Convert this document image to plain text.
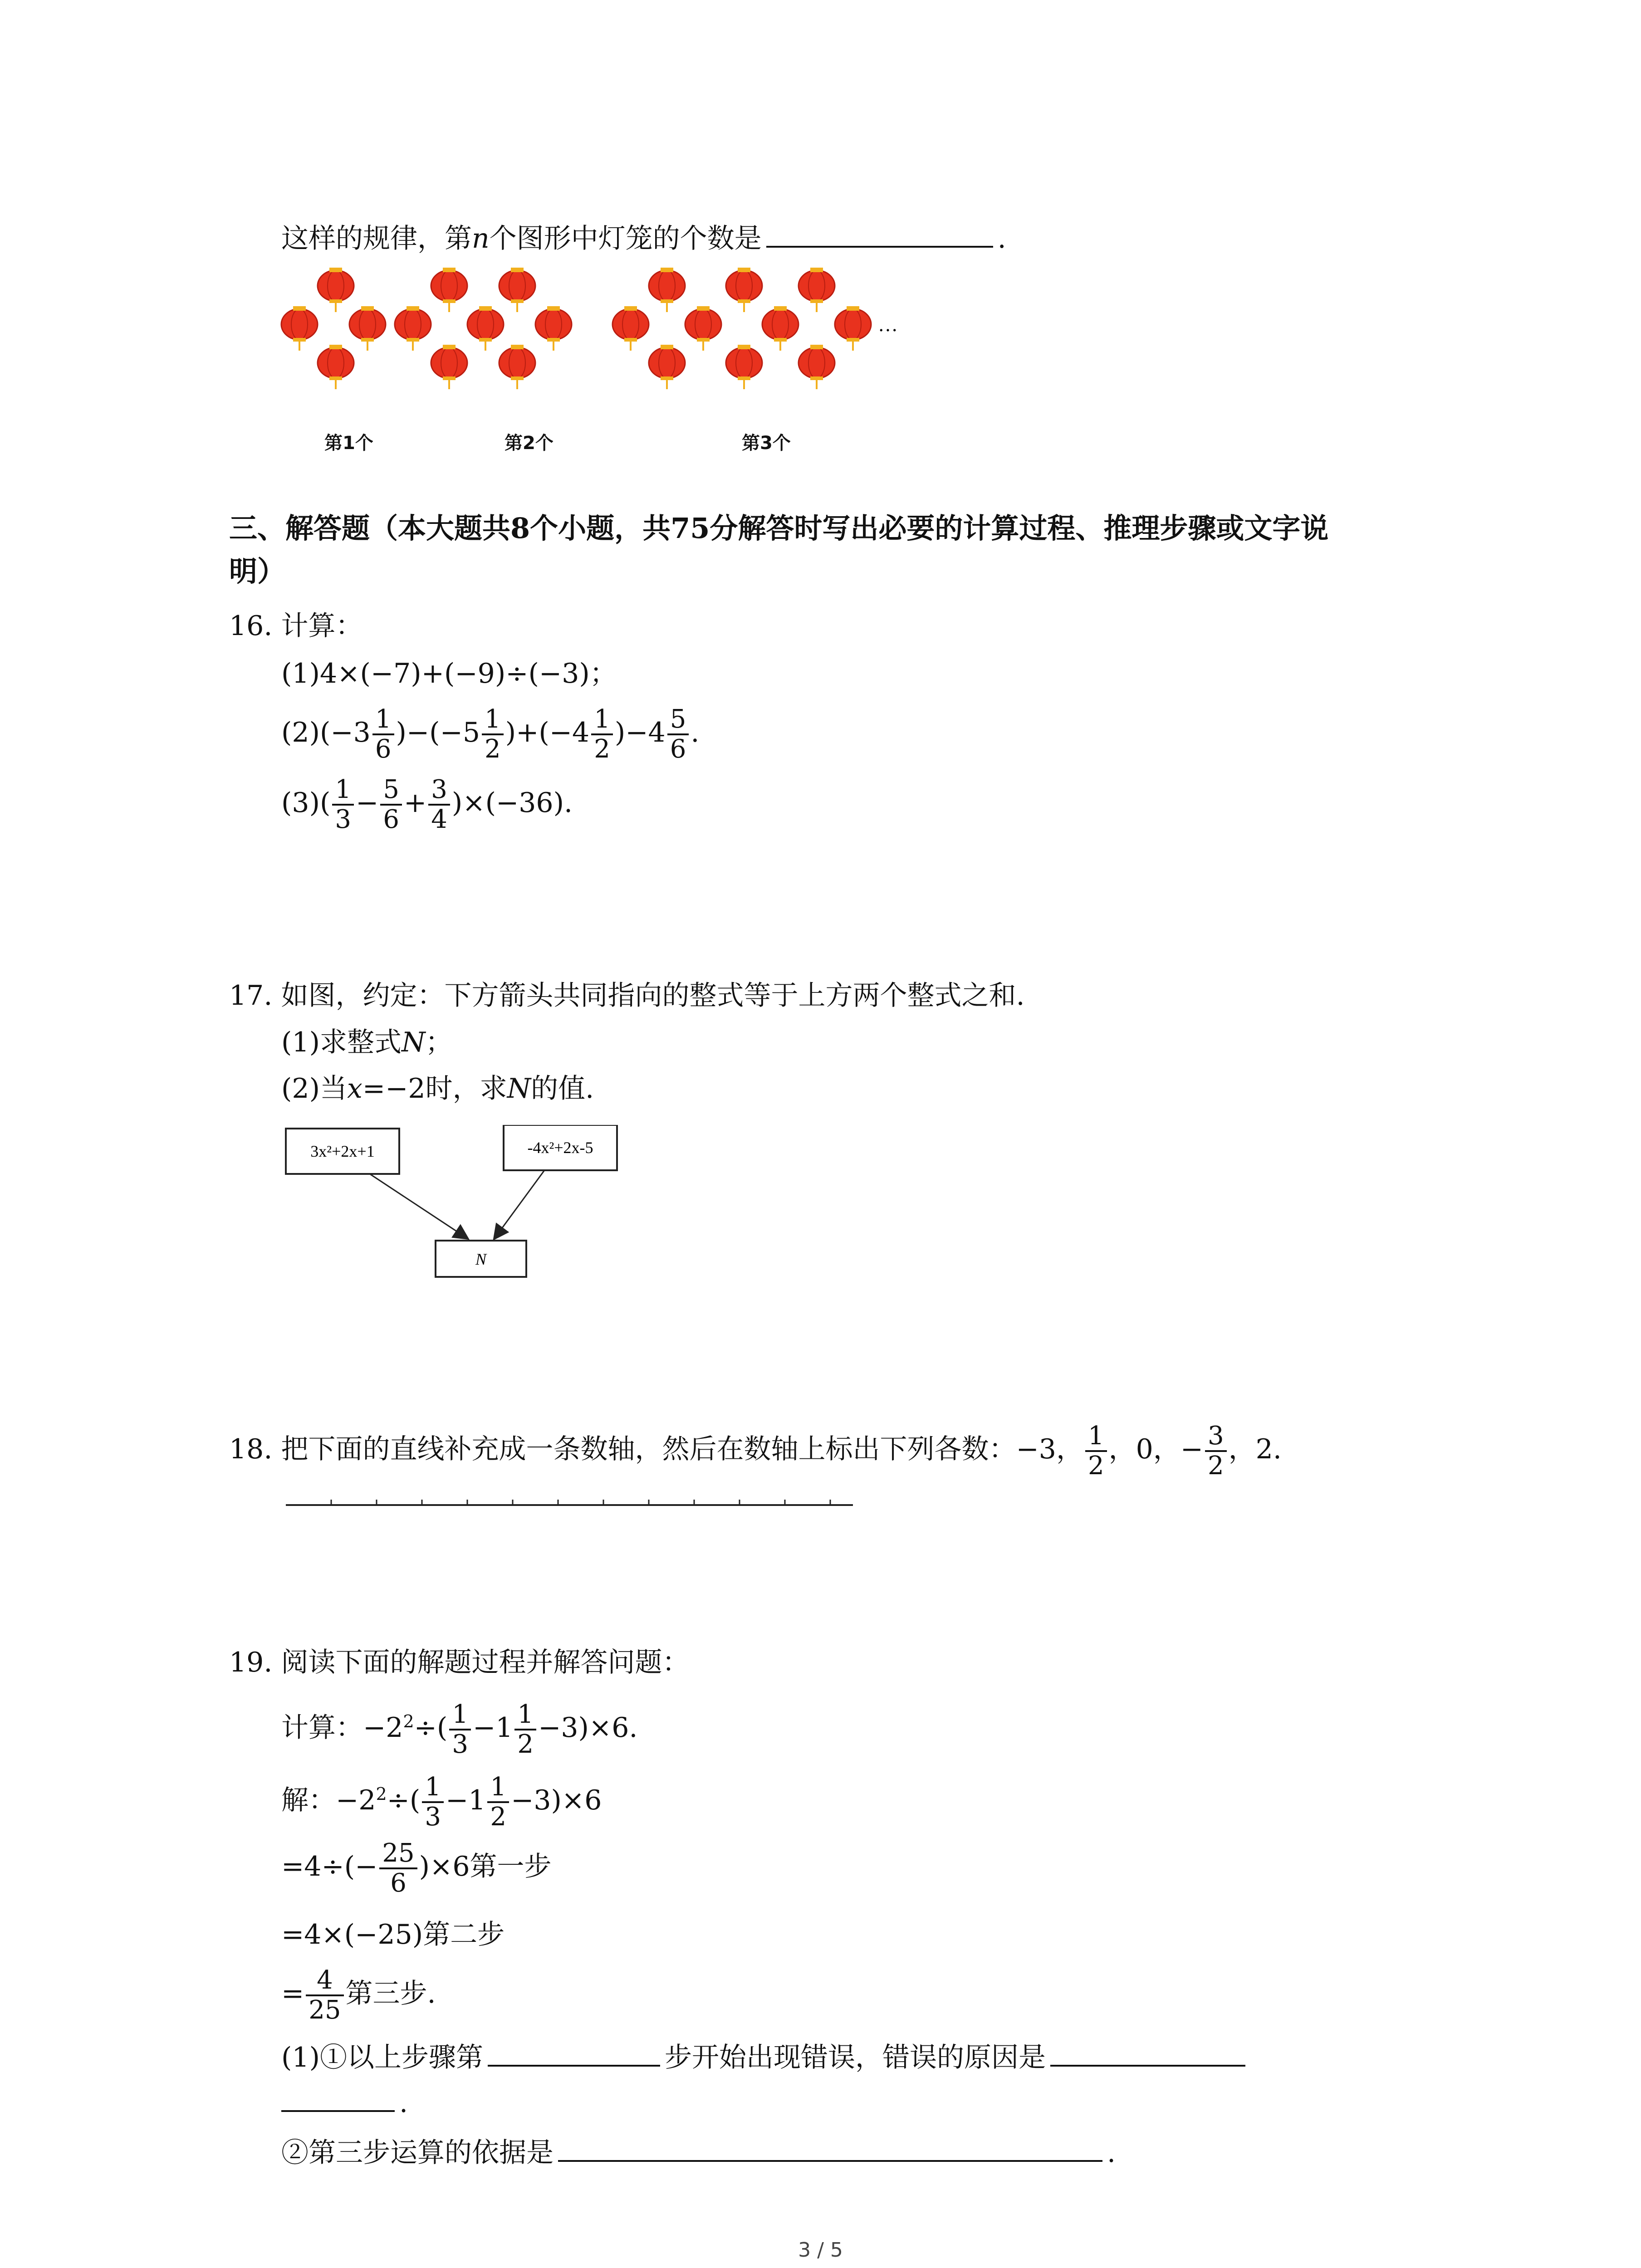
这样的规律，第n个图形中灯笼的个数是	.
…
第1个	第2个	第3个
三、解答题（本大题共8个小题，共75分解答时写出必要的计算过程、推理步骤或文字说
明）
16. 计算：
(1)4×(−7)+(−9)÷(−3)；
$(2)(-3 \frac{1}{6} )-(-5 \frac{1}{2} )+(-4 \frac{1}{2} )-4 \frac{5}{6}$ .
$(3)( \frac{1}{3} - \frac{5}{6} + \frac{3}{4} )\times(-36)$.
17. 如图，约定：下方箭头共同指向的整式等于上方两个整式之和.
(1)求整式N；
(2)当x=−2时，求N的值.
3x²+2x+1	-4x²+2x-5
N
18. 把下面的直线补充成一条数轴，然后在数轴上标出下列各数：−3， $\frac{1}{2}$ ，0，− $\frac{3}{2}$ ，2.
19. 阅读下面的解题过程并解答问题：
计算：$-2^2\div( \frac{1}{3} -1 \frac{1}{2} -3)\times 6$.
解：$-2^2\div( \frac{1}{3} -1 \frac{1}{2} -3)\times 6$
$=4\div(- \frac{25}{6} )\times 6$第一步
=4×(−25)第二步
= $\frac{4}{25}$ 第三步.
(1)①以上步骤第	步开始出现错误，错误的原因是
.
②第三步运算的依据是	.
3 / 5
